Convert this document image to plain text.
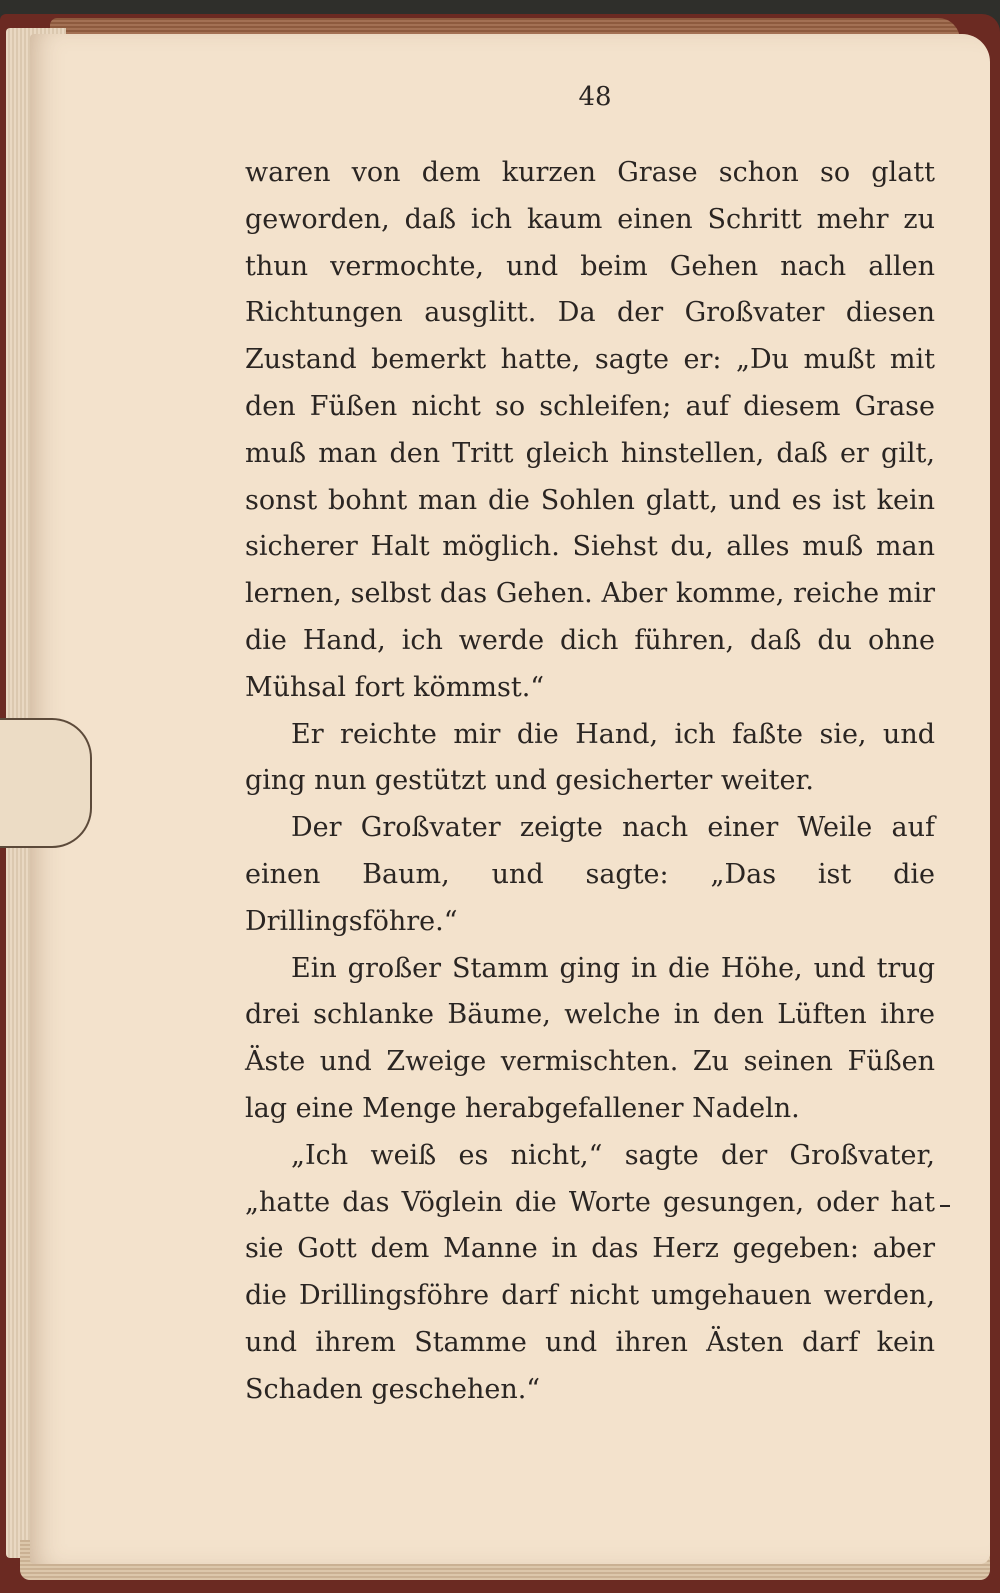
48

waren von dem kurzen Grase schon so glatt geworden, daß ich kaum einen Schritt mehr zu thun vermochte, und beim Gehen nach allen Richtungen ausglitt. Da der Großvater diesen Zustand bemerkt hatte, sagte er: „Du mußt mit den Füßen nicht so schleifen; auf diesem Grase muß man den Tritt gleich hinstellen, daß er gilt, sonst bohnt man die Sohlen glatt, und es ist kein sicherer Halt möglich. Siehst du, alles muß man lernen, selbst das Gehen. Aber komme, reiche mir die Hand, ich werde dich führen, daß du ohne Mühsal fort kömmst.“

Er reichte mir die Hand, ich faßte sie, und ging nun gestützt und gesicherter weiter.

Der Großvater zeigte nach einer Weile auf einen Baum, und sagte: „Das ist die Drillingsföhre.“

Ein großer Stamm ging in die Höhe, und trug drei schlanke Bäume, welche in den Lüften ihre Äste und Zweige vermischten. Zu seinen Füßen lag eine Menge herabgefallener Nadeln.

„Ich weiß es nicht,“ sagte der Großvater, „hatte das Vöglein die Worte gesungen, oder hat sie Gott dem Manne in das Herz gegeben: aber die Drillingsföhre darf nicht umgehauen werden, und ihrem Stamme und ihren Ästen darf kein Schaden geschehen.“
